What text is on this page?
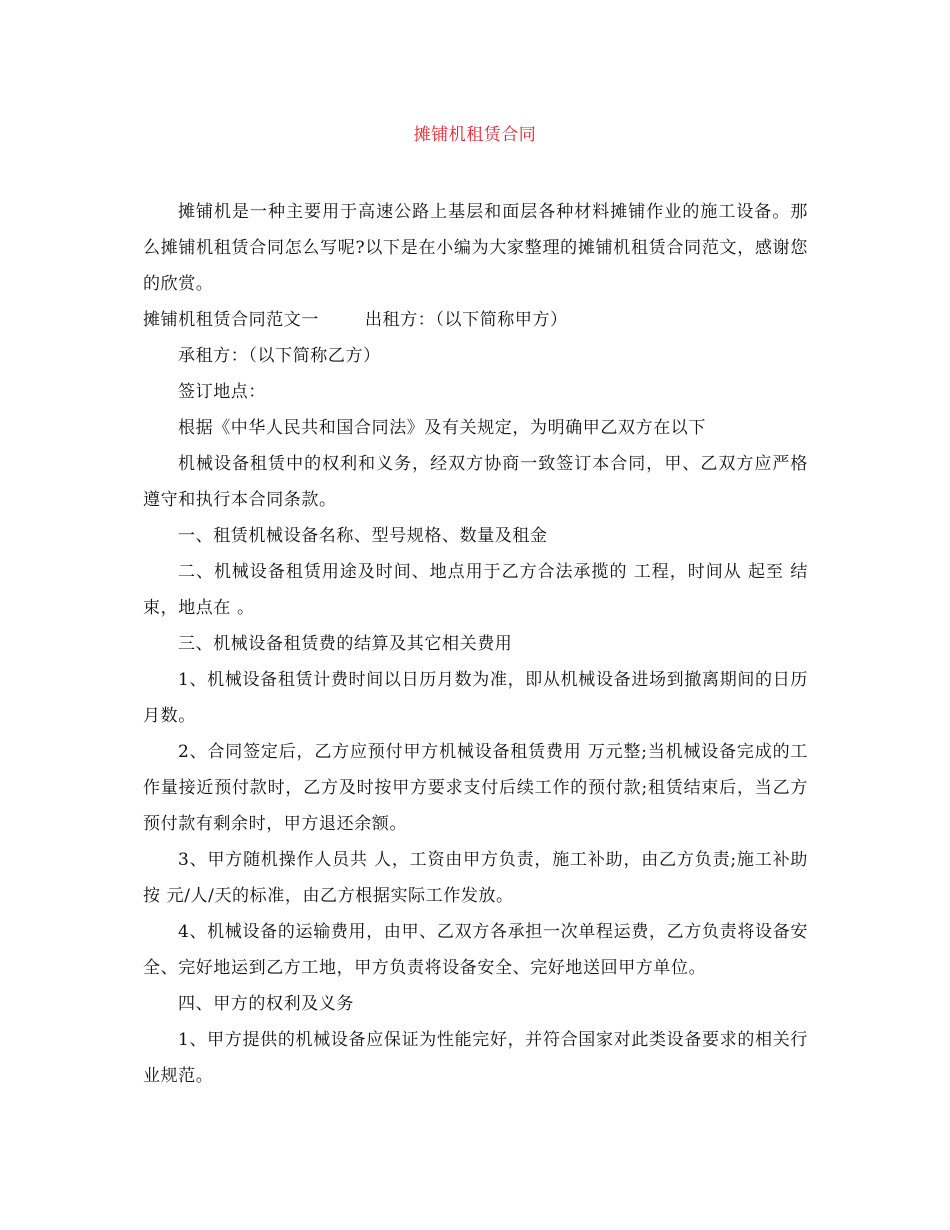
摊铺机租赁合同

摊铺机是一种主要用于高速公路上基层和面层各种材料摊铺作业的施工设备。那么摊铺机租赁合同怎么写呢?以下是在小编为大家整理的摊铺机租赁合同范文，感谢您的欣赏。

摊铺机租赁合同范文一	出租方：（以下简称甲方）

承租方：（以下简称乙方）

签订地点：

根据《中华人民共和国合同法》及有关规定，为明确甲乙双方在以下

机械设备租赁中的权利和义务，经双方协商一致签订本合同，甲、乙双方应严格遵守和执行本合同条款。

一、租赁机械设备名称、型号规格、数量及租金

二、机械设备租赁用途及时间、地点用于乙方合法承揽的 工程，时间从 起至 结束，地点在 。

三、机械设备租赁费的结算及其它相关费用

1、机械设备租赁计费时间以日历月数为准，即从机械设备进场到撤离期间的日历月数。

2、合同签定后，乙方应预付甲方机械设备租赁费用 万元整;当机械设备完成的工作量接近预付款时，乙方及时按甲方要求支付后续工作的预付款;租赁结束后，当乙方预付款有剩余时，甲方退还余额。

3、甲方随机操作人员共 人，工资由甲方负责，施工补助，由乙方负责;施工补助按 元/人/天的标准，由乙方根据实际工作发放。

4、机械设备的运输费用，由甲、乙双方各承担一次单程运费，乙方负责将设备安全、完好地运到乙方工地，甲方负责将设备安全、完好地送回甲方单位。

四、甲方的权利及义务

1、甲方提供的机械设备应保证为性能完好，并符合国家对此类设备要求的相关行业规范。
